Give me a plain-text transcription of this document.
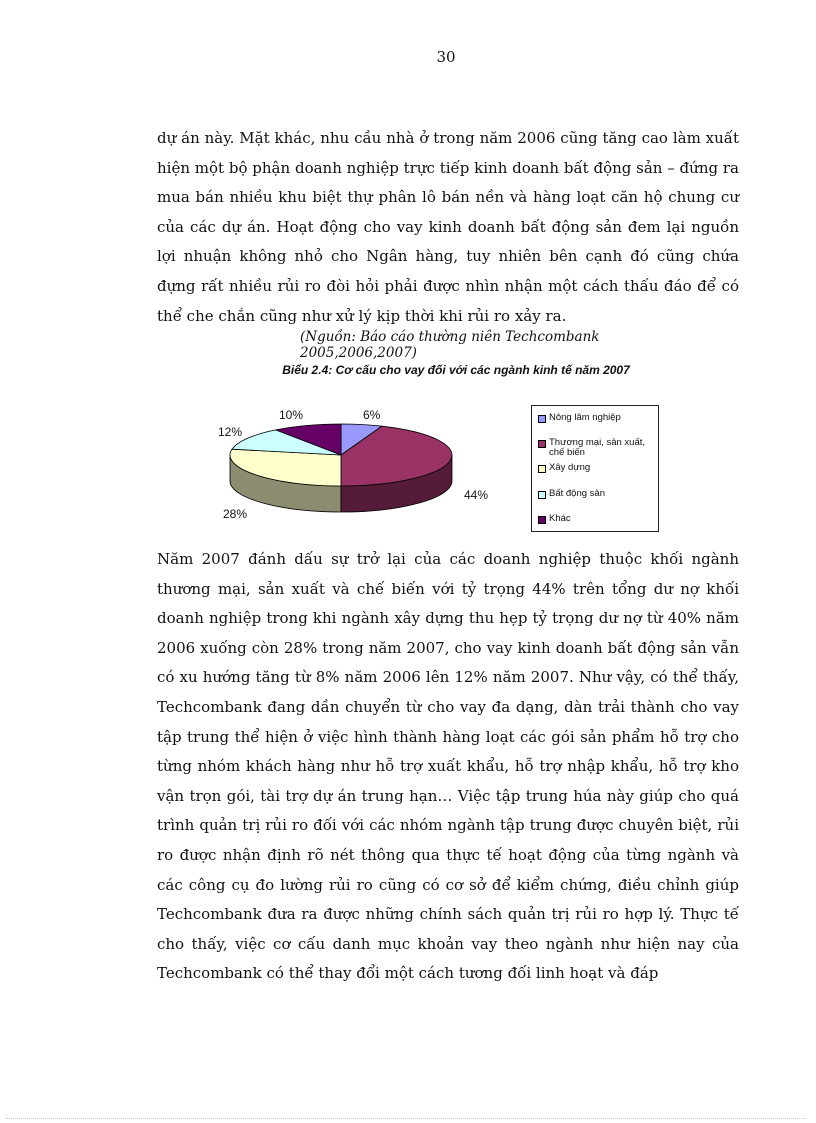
30

dự án này. Mặt khác, nhu cầu nhà ở trong năm 2006 cũng tăng cao làm xuất hiện một bộ phận doanh nghiệp trực tiếp kinh doanh bất động sản – đứng ra mua bán nhiều khu biệt thự phân lô bán nền và hàng loạt căn hộ chung cư của các dự án. Hoạt động cho vay kinh doanh bất động sản đem lại nguồn lợi nhuận không nhỏ cho Ngân hàng, tuy nhiên bên cạnh đó cũng chứa đựng rất nhiều rủi ro đòi hỏi phải được nhìn nhận một cách thấu đáo để có thể che chắn cũng như xử lý kịp thời khi rủi ro xảy ra.

(Nguồn: Báo cáo thường niên Techcombank 2005,2006,2007)
Biểu 2.4: Cơ cấu cho vay đối với các ngành kinh tế năm 2007
6%
44%
28%
12%
10%	Nông lâm nghiệp
Thương mại, sản xuất, chế biến
Xây dựng
Bất động sản
Khác

Năm 2007 đánh dấu sự trở lại của các doanh nghiệp thuộc khối ngành thương mại, sản xuất và chế biến với tỷ trọng 44% trên tổng dư nợ khối doanh nghiệp trong khi ngành xây dựng thu hẹp tỷ trọng dư nợ từ 40% năm 2006 xuống còn 28% trong năm 2007, cho vay kinh doanh bất động sản vẫn có xu hướng tăng từ 8% năm 2006 lên 12% năm 2007. Như vậy, có thể thấy, Techcombank đang dần chuyển từ cho vay đa dạng, dàn trải thành cho vay tập trung thể hiện ở việc hình thành hàng loạt các gói sản phẩm hỗ trợ cho từng nhóm khách hàng như hỗ trợ xuất khẩu, hỗ trợ nhập khẩu, hỗ trợ kho vận trọn gói, tài trợ dự án trung hạn… Việc tập trung húa này giúp cho quá trình quản trị rủi ro đối với các nhóm ngành tập trung được chuyên biệt, rủi ro được nhận định rõ nét thông qua thực tế hoạt động của từng ngành và các công cụ đo lường rủi ro cũng có cơ sở để kiểm chứng, điều chỉnh giúp Techcombank đưa ra được những chính sách quản trị rủi ro hợp lý. Thực tế cho thấy, việc cơ cấu danh mục khoản vay theo ngành như hiện nay của Techcombank có thể thay đổi một cách tương đối linh hoạt và đáp
